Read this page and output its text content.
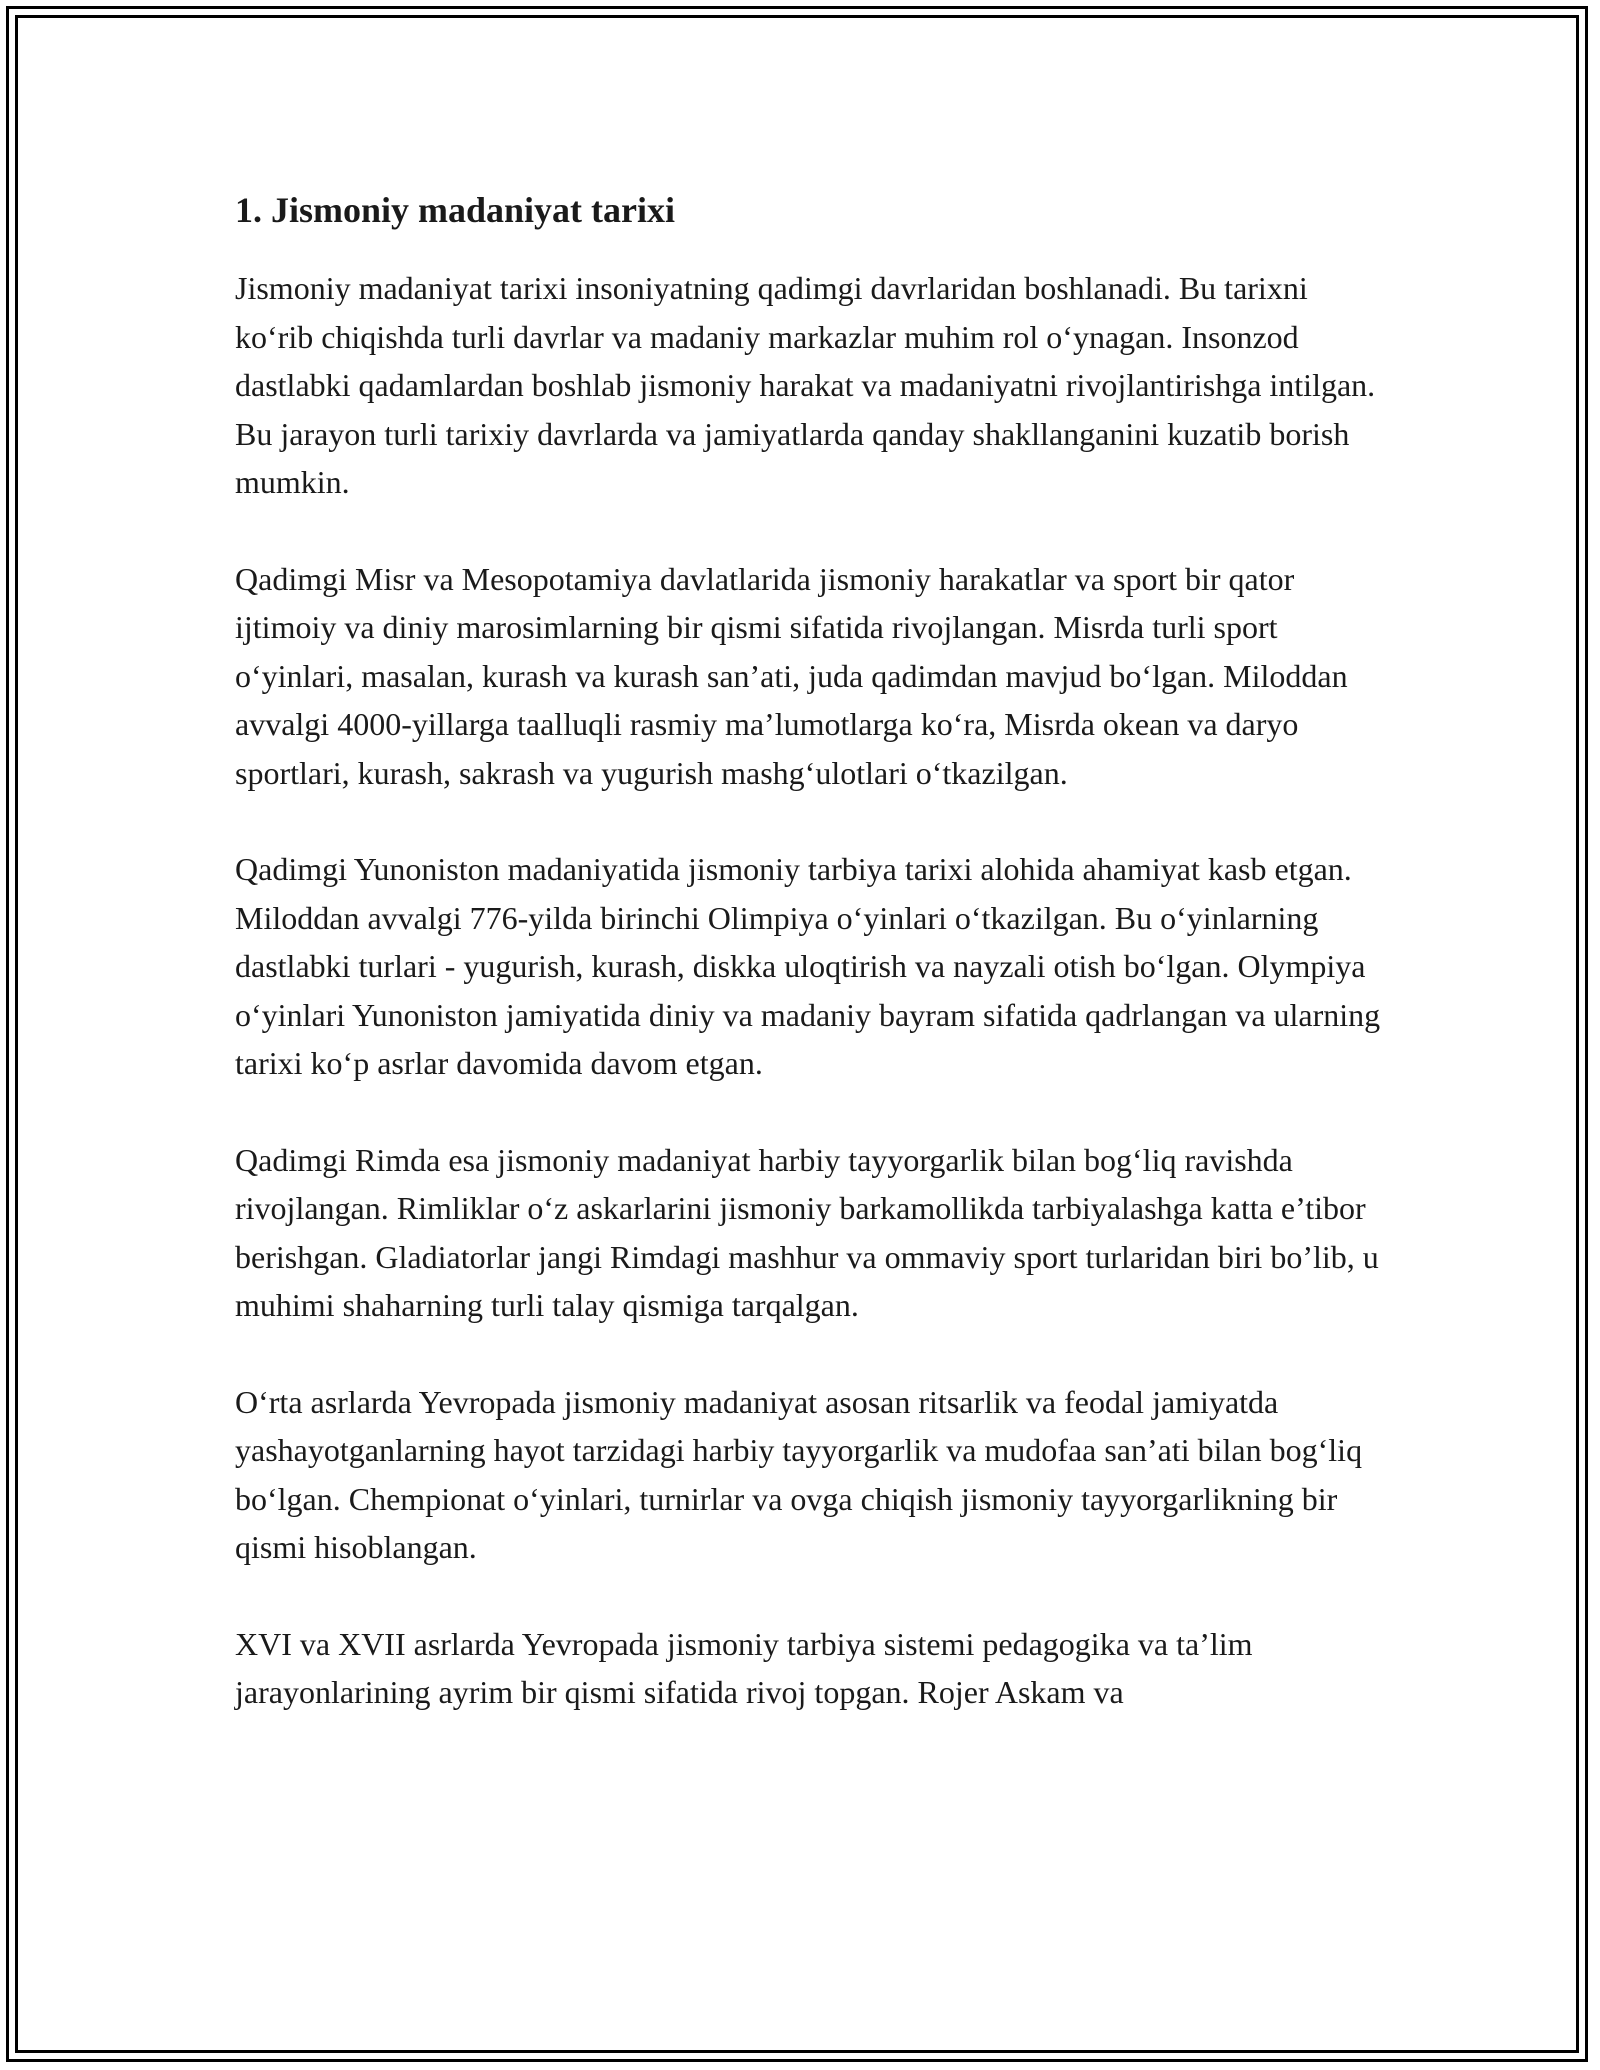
1. Jismoniy madaniyat tarixi

Jismoniy madaniyat tarixi insoniyatning qadimgi davrlaridan boshlanadi. Bu tarixni koʻrib chiqishda turli davrlar va madaniy markazlar muhim rol oʻynagan. Insonzod dastlabki qadamlardan boshlab jismoniy harakat va madaniyatni rivojlantirishga intilgan. Bu jarayon turli tarixiy davrlarda va jamiyatlarda qanday shakllanganini kuzatib borish mumkin.

Qadimgi Misr va Mesopotamiya davlatlarida jismoniy harakatlar va sport bir qator ijtimoiy va diniy marosimlarning bir qismi sifatida rivojlangan. Misrda turli sport oʻyinlari, masalan, kurash va kurash san’ati, juda qadimdan mavjud boʻlgan. Miloddan avvalgi 4000-yillarga taalluqli rasmiy ma’lumotlarga koʻra, Misrda okean va daryo sportlari, kurash, sakrash va yugurish mashgʻulotlari oʻtkazilgan.

Qadimgi Yunoniston madaniyatida jismoniy tarbiya tarixi alohida ahamiyat kasb etgan. Miloddan avvalgi 776-yilda birinchi Olimpiya oʻyinlari oʻtkazilgan. Bu oʻyinlarning dastlabki turlari - yugurish, kurash, diskka uloqtirish va nayzali otish boʻlgan. Olympiya oʻyinlari Yunoniston jamiyatida diniy va madaniy bayram sifatida qadrlangan va ularning tarixi koʻp asrlar davomida davom etgan.

Qadimgi Rimda esa jismoniy madaniyat harbiy tayyorgarlik bilan bogʻliq ravishda rivojlangan. Rimliklar oʻz askarlarini jismoniy barkamollikda tarbiyalashga katta e’tibor berishgan. Gladiatorlar jangi Rimdagi mashhur va ommaviy sport turlaridan biri bo’lib, u muhimi shaharning turli talay qismiga tarqalgan.

Oʻrta asrlarda Yevropada jismoniy madaniyat asosan ritsarlik va feodal jamiyatda yashayotganlarning hayot tarzidagi harbiy tayyorgarlik va mudofaa san’ati bilan bogʻliq boʻlgan. Chempionat oʻyinlari, turnirlar va ovga chiqish jismoniy tayyorgarlikning bir qismi hisoblangan.

XVI va XVII asrlarda Yevropada jismoniy tarbiya sistemi pedagogika va ta’lim jarayonlarining ayrim bir qismi sifatida rivoj topgan. Rojer Askam va
